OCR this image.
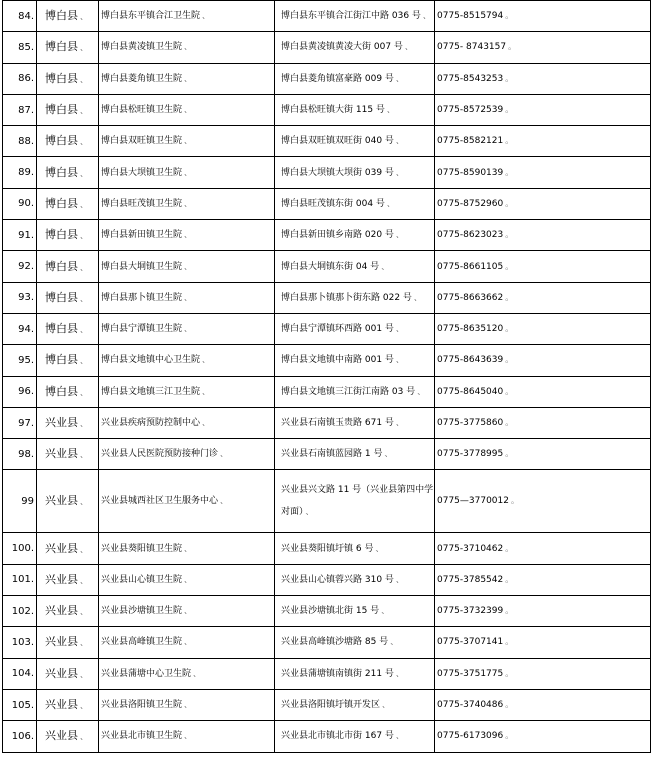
84.	博白县 、	博白县东平镇合江卫生院 、	博白县东平镇合江街江中路 036 号 、	0775-8515794 。
85.	博白县 、	博白县黄凌镇卫生院 、	博白县黄凌镇黄凌大街 007 号 、	0775- 8743157 。
86.	博白县 、	博白县菱角镇卫生院 、	博白县菱角镇富豪路 009 号 、	0775-8543253 。
87.	博白县 、	博白县松旺镇卫生院 、	博白县松旺镇大街 115 号 、	0775-8572539 。
88.	博白县 、	博白县双旺镇卫生院 、	博白县双旺镇双旺街 040 号 、	0775-8582121 。
89.	博白县 、	博白县大坝镇卫生院 、	博白县大坝镇大坝街 039 号 、	0775-8590139 。
90.	博白县 、	博白县旺茂镇卫生院 、	博白县旺茂镇东街 004 号 、	0775-8752960 。
91.	博白县 、	博白县新田镇卫生院 、	博白县新田镇乡南路 020 号 、	0775-8623023 。
92.	博白县 、	博白县大垌镇卫生院 、	博白县大垌镇东街 04 号 、	0775-8661105 。
93.	博白县 、	博白县那卜镇卫生院 、	博白县那卜镇那卜街东路 022 号 、	0775-8663662 。
94.	博白县 、	博白县宁潭镇卫生院 、	博白县宁潭镇环西路 001 号 、	0775-8635120 。
95.	博白县 、	博白县文地镇中心卫生院 、	博白县文地镇中南路 001 号 、	0775-8643639 。
96.	博白县 、	博白县文地镇三江卫生院 、	博白县文地镇三江街江南路 03 号 、	0775-8645040 。
97.	兴业县 、	兴业县疾病预防控制中心 、	兴业县石南镇玉贵路 671 号 、	0775-3775860 。
98.	兴业县 、	兴业县人民医院预防接种门诊 、	兴业县石南镇蓝园路 1 号 、	0775-3778995 。
99	兴业县 、	兴业县城西社区卫生服务中心 、	兴业县兴文路 11 号（兴业县第四中学对面） 、	0775—3770012 。
100.	兴业县 、	兴业县葵阳镇卫生院 、	兴业县葵阳镇圩镇 6 号 、	0775-3710462 。
101.	兴业县 、	兴业县山心镇卫生院 、	兴业县山心镇蓉兴路 310 号 、	0775-3785542 。
102.	兴业县 、	兴业县沙塘镇卫生院 、	兴业县沙塘镇北街 15 号 、	0775-3732399 。
103.	兴业县 、	兴业县高峰镇卫生院 、	兴业县高峰镇沙塘路 85 号 、	0775-3707141 。
104.	兴业县 、	兴业县蒲塘中心卫生院 、	兴业县蒲塘镇南镇街 211 号 、	0775-3751775 。
105.	兴业县 、	兴业县洛阳镇卫生院 、	兴业县洛阳镇圩镇开发区 、	0775-3740486 。
106.	兴业县 、	兴业县北市镇卫生院 、	兴业县北市镇北市街 167 号 、	0775-6173096 。
